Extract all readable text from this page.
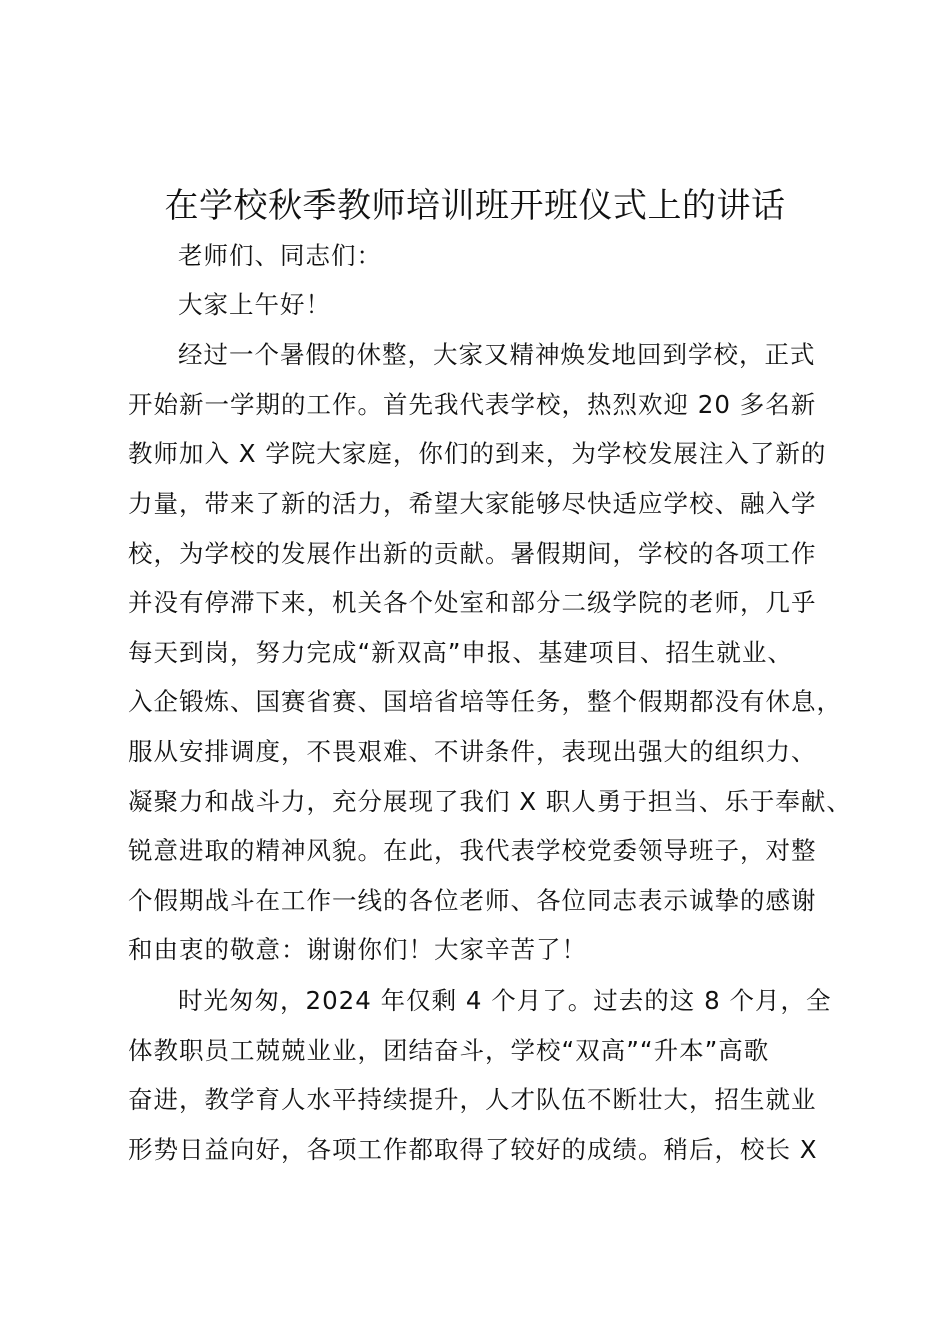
在学校秋季教师培训班开班仪式上的讲话
老师们、同志们：
大家上午好！
经过一个暑假的休整，大家又精神焕发地回到学校，正式
开始新一学期的工作。首先我代表学校，热烈欢迎 20 多名新
教师加入 X 学院大家庭，你们的到来，为学校发展注入了新的
力量，带来了新的活力，希望大家能够尽快适应学校、融入学
校，为学校的发展作出新的贡献。暑假期间，学校的各项工作
并没有停滞下来，机关各个处室和部分二级学院的老师，几乎
每天到岗，努力完成“新双高”申报、基建项目、招生就业、
入企锻炼、国赛省赛、国培省培等任务，整个假期都没有休息，
服从安排调度，不畏艰难、不讲条件，表现出强大的组织力、
凝聚力和战斗力，充分展现了我们 X 职人勇于担当、乐于奉献、
锐意进取的精神风貌。在此，我代表学校党委领导班子，对整
个假期战斗在工作一线的各位老师、各位同志表示诚挚的感谢
和由衷的敬意：谢谢你们！大家辛苦了！
时光匆匆，2024 年仅剩 4 个月了。过去的这 8 个月，全
体教职员工兢兢业业，团结奋斗，学校“双高”“升本”高歌
奋进，教学育人水平持续提升，人才队伍不断壮大，招生就业
形势日益向好，各项工作都取得了较好的成绩。稍后，校长 X
